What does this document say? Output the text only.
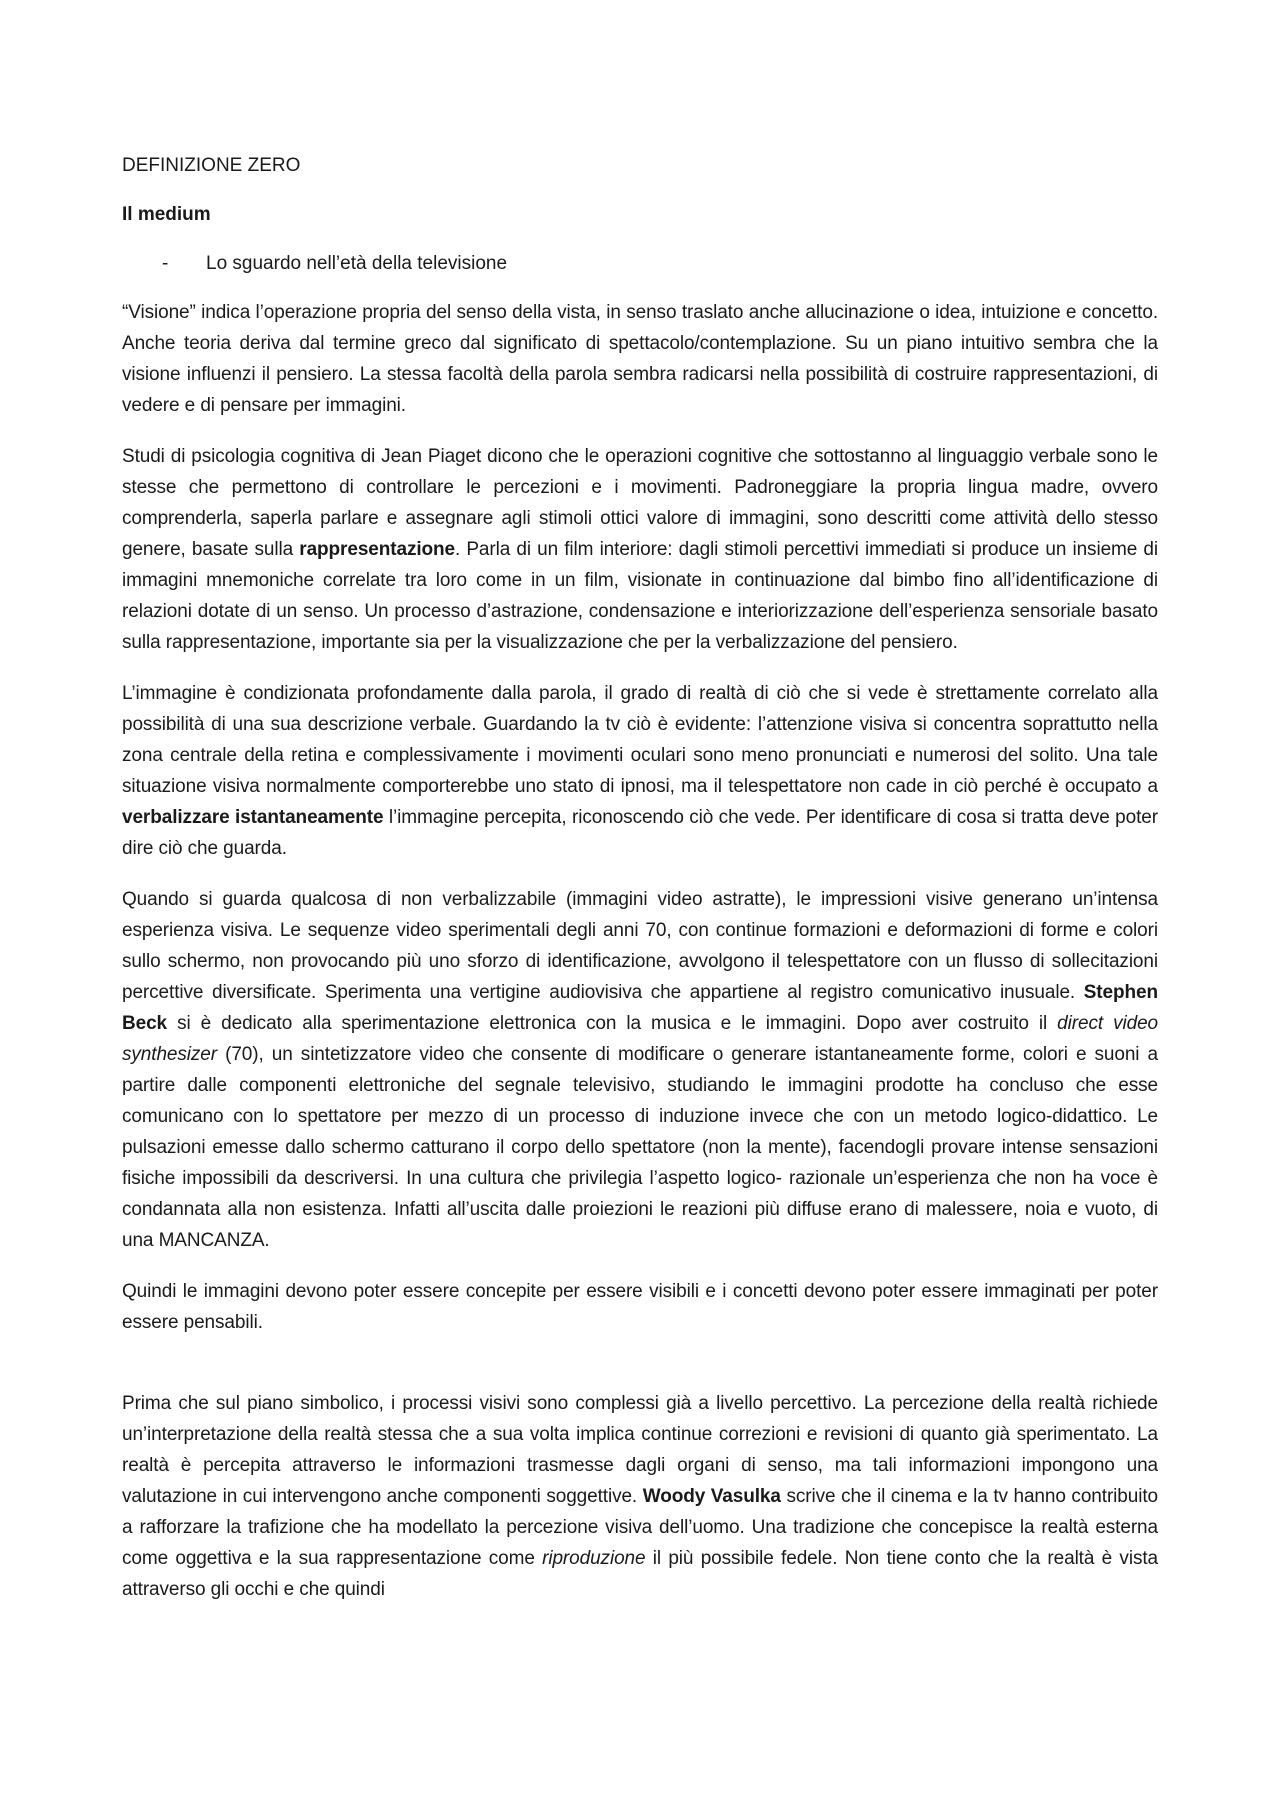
DEFINIZIONE ZERO
Il medium
-	Lo sguardo nell’età della televisione

“Visione” indica l’operazione propria del senso della vista, in senso traslato anche allucinazione o idea, intuizione e concetto. Anche teoria deriva dal termine greco dal significato di spettacolo/contemplazione. Su un piano intuitivo sembra che la visione influenzi il pensiero. La stessa facoltà della parola sembra radicarsi nella possibilità di costruire rappresentazioni, di vedere e di pensare per immagini.

Studi di psicologia cognitiva di Jean Piaget dicono che le operazioni cognitive che sottostanno al linguaggio verbale sono le stesse che permettono di controllare le percezioni e i movimenti. Padroneggiare la propria lingua madre, ovvero comprenderla, saperla parlare e assegnare agli stimoli ottici valore di immagini, sono descritti come attività dello stesso genere, basate sulla rappresentazione. Parla di un film interiore: dagli stimoli percettivi immediati si produce un insieme di immagini mnemoniche correlate tra loro come in un film, visionate in continuazione dal bimbo fino all’identificazione di relazioni dotate di un senso. Un processo d’astrazione, condensazione e interiorizzazione dell’esperienza sensoriale basato sulla rappresentazione, importante sia per la visualizzazione che per la verbalizzazione del pensiero.

L’immagine è condizionata profondamente dalla parola, il grado di realtà di ciò che si vede è strettamente correlato alla possibilità di una sua descrizione verbale. Guardando la tv ciò è evidente: l’attenzione visiva si concentra soprattutto nella zona centrale della retina e complessivamente i movimenti oculari sono meno pronunciati e numerosi del solito. Una tale situazione visiva normalmente comporterebbe uno stato di ipnosi, ma il telespettatore non cade in ciò perché è occupato a verbalizzare istantaneamente l’immagine percepita, riconoscendo ciò che vede. Per identificare di cosa si tratta deve poter dire ciò che guarda.

Quando si guarda qualcosa di non verbalizzabile (immagini video astratte), le impressioni visive generano un’intensa esperienza visiva. Le sequenze video sperimentali degli anni 70, con continue formazioni e deformazioni di forme e colori sullo schermo, non provocando più uno sforzo di identificazione, avvolgono il telespettatore con un flusso di sollecitazioni percettive diversificate. Sperimenta una vertigine audiovisiva che appartiene al registro comunicativo inusuale. Stephen Beck si è dedicato alla sperimentazione elettronica con la musica e le immagini. Dopo aver costruito il direct video synthesizer (70), un sintetizzatore video che consente di modificare o generare istantaneamente forme, colori e suoni a partire dalle componenti elettroniche del segnale televisivo, studiando le immagini prodotte ha concluso che esse comunicano con lo spettatore per mezzo di un processo di induzione invece che con un metodo logico-didattico. Le pulsazioni emesse dallo schermo catturano il corpo dello spettatore (non la mente), facendogli provare intense sensazioni fisiche impossibili da descriversi. In una cultura che privilegia l’aspetto logico- razionale un’esperienza che non ha voce è condannata alla non esistenza. Infatti all’uscita dalle proiezioni le reazioni più diffuse erano di malessere, noia e vuoto, di una MANCANZA.

Quindi le immagini devono poter essere concepite per essere visibili e i concetti devono poter essere immaginati per poter essere pensabili.

Prima che sul piano simbolico, i processi visivi sono complessi già a livello percettivo. La percezione della realtà richiede un’interpretazione della realtà stessa che a sua volta implica continue correzioni e revisioni di quanto già sperimentato. La realtà è percepita attraverso le informazioni trasmesse dagli organi di senso, ma tali informazioni impongono una valutazione in cui intervengono anche componenti soggettive. Woody Vasulka scrive che il cinema e la tv hanno contribuito a rafforzare la trafizione che ha modellato la percezione visiva dell’uomo. Una tradizione che concepisce la realtà esterna come oggettiva e la sua rappresentazione come riproduzione il più possibile fedele. Non tiene conto che la realtà è vista attraverso gli occhi e che quindi
